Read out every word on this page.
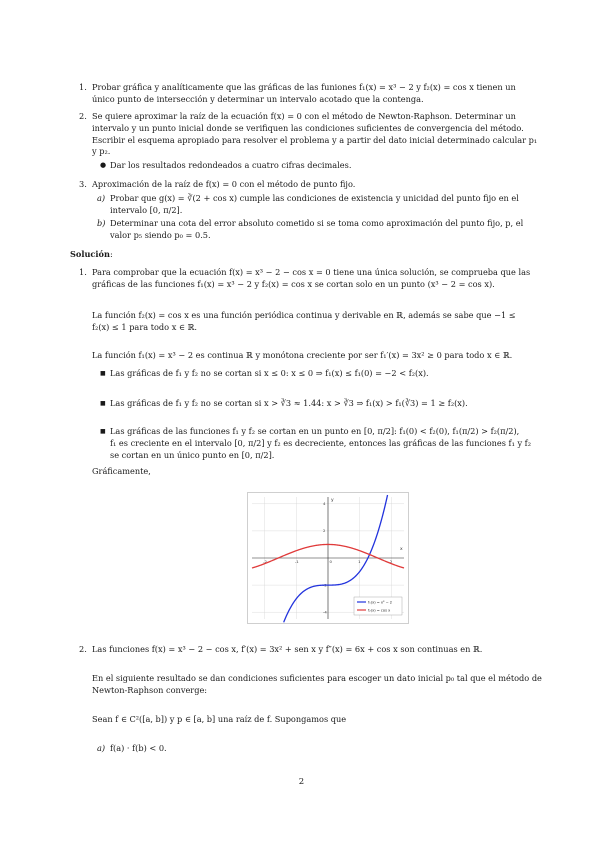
1. Probar gráfica y analíticamente que las gráficas de las funiones f₁(x) = x³ − 2 y f₂(x) = cos x tienen un
único punto de intersección y determinar un intervalo acotado que la contenga.
2. Se quiere aproximar la raíz de la ecuación f(x) = 0 con el método de Newton-Raphson. Determinar un
intervalo y un punto inicial donde se verifiquen las condiciones suficientes de convergencia del método.
Escribir el esquema apropiado para resolver el problema y a partir del dato inicial determinado calcular p₁
y p₂.
● Dar los resultados redondeados a cuatro cifras decimales.
3. Aproximación de la raíz de f(x) = 0 con el método de punto fijo.
a) Probar que g(x) = ∛(2 + cos x) cumple las condiciones de existencia y unicidad del punto fijo en el
intervalo [0, π/2].
b) Determinar una cota del error absoluto cometido si se toma como aproximación del punto fijo, p, el
valor p₅ siendo p₀ = 0.5.
Solución:
1. Para comprobar que la ecuación f(x) = x³ − 2 − cos x = 0 tiene una única solución, se comprueba que las
gráficas de las funciones f₁(x) = x³ − 2 y f₂(x) = cos x se cortan solo en un punto (x³ − 2 = cos x).
La función f₂(x) = cos x es una función periódica continua y derivable en ℝ, además se sabe que −1 ≤
f₂(x) ≤ 1 para todo x ∈ ℝ.
La función f₁(x) = x³ − 2 es continua ℝ y monótona creciente por ser f₁′(x) = 3x² ≥ 0 para todo x ∈ ℝ.
■ Las gráficas de f₁ y f₂ no se cortan si x ≤ 0: x ≤ 0 ⇒ f₁(x) ≤ f₁(0) = −2 < f₂(x).
■ Las gráficas de f₁ y f₂ no se cortan si x > ∛3 ≈ 1.44: x > ∛3 ⇒ f₁(x) > f₁(∛3) = 1 ≥ f₂(x).
■ Las gráficas de las funciones f₁ y f₂ se cortan en un punto en [0, π/2]: f₁(0) < f₂(0), f₁(π/2) > f₂(π/2),
f₁ es creciente en el intervalo [0, π/2] y f₂ es decreciente, entonces las gráficas de las funciones f₁ y f₂
se cortan en un único punto en [0, π/2].
Gráficamente,
-2	-1	0	1	2
4
2
-2
-4
x
y
f₁(x) = x³ − 2
f₂(x) = cos x
2. Las funciones f(x) = x³ − 2 − cos x, f′(x) = 3x² + sen x y f″(x) = 6x + cos x son continuas en ℝ.
En el siguiente resultado se dan condiciones suficientes para escoger un dato inicial p₀ tal que el método de
Newton-Raphson converge:
Sean f ∈ C²([a, b]) y p ∈ [a, b] una raíz de f. Supongamos que
a) f(a) · f(b) < 0.
2
